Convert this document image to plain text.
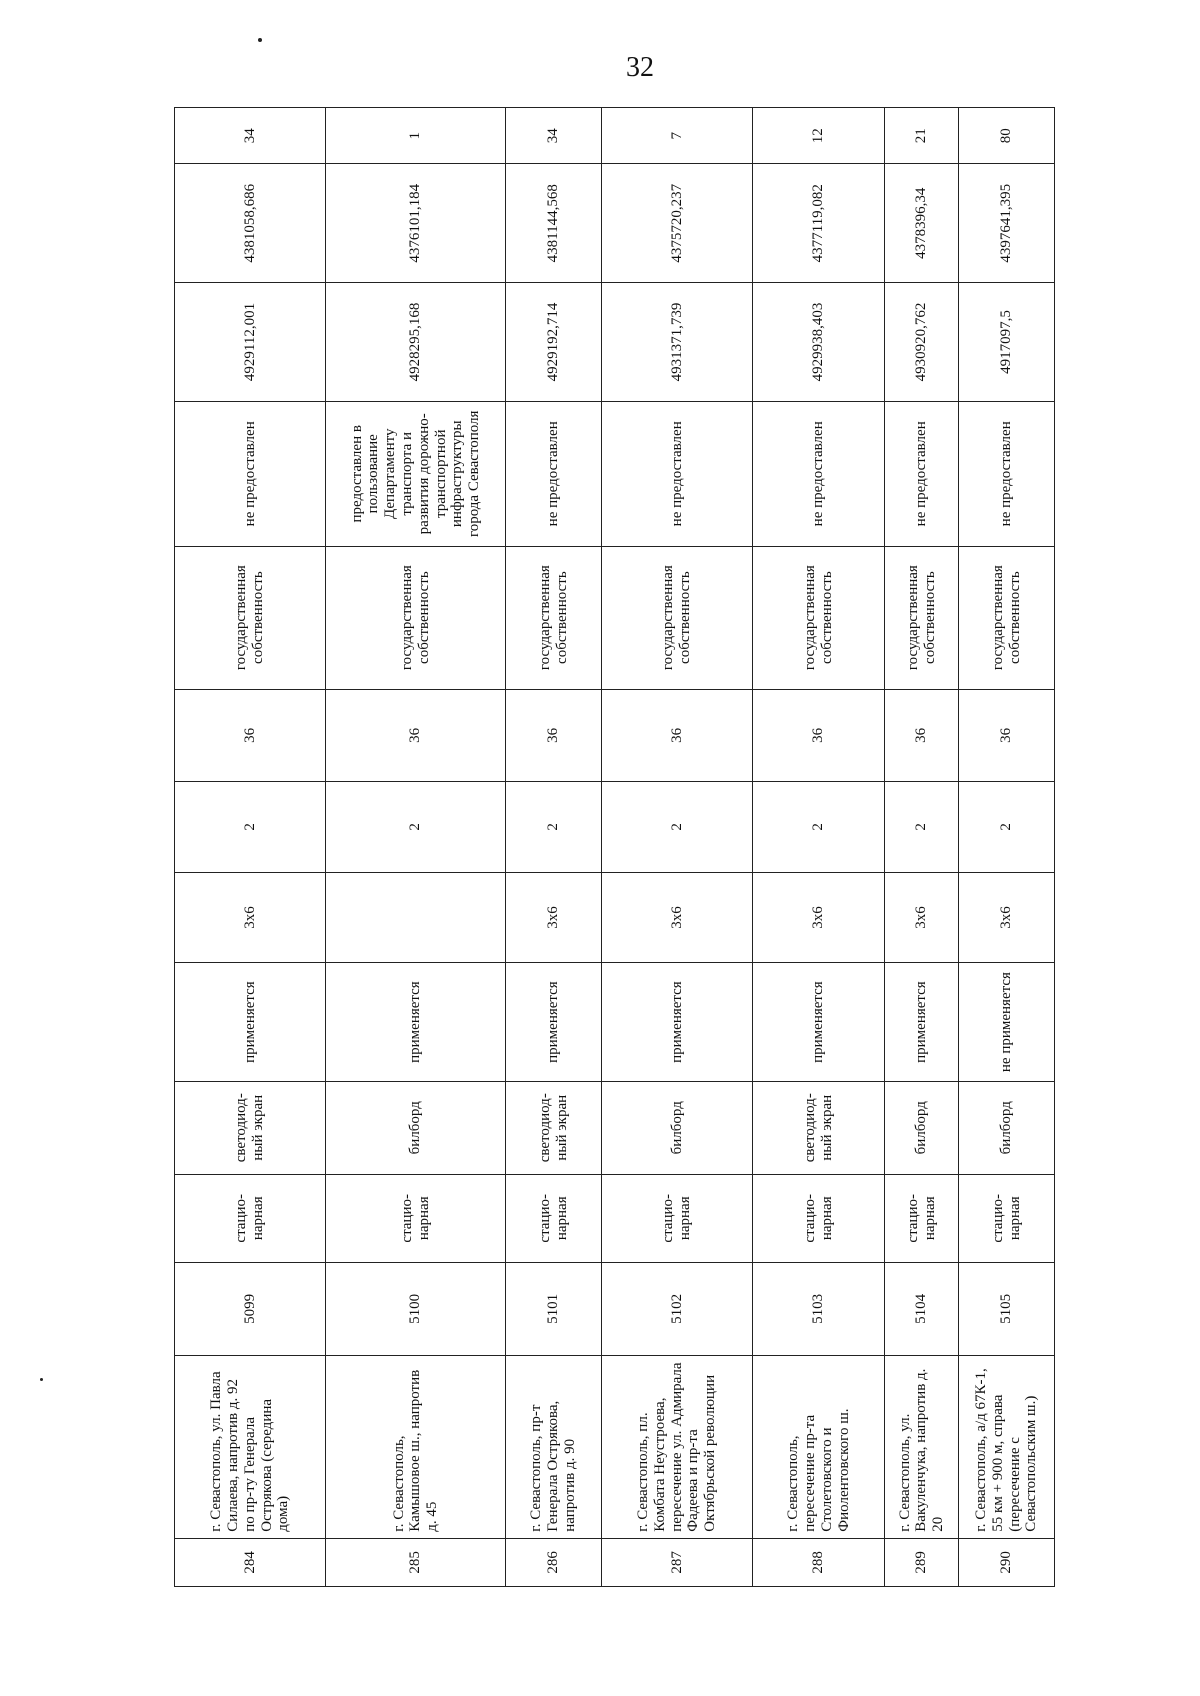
32
284	г. Севастополь, ул. Павла Силаева, напротив д. 92 по пр-ту Генерала Острякова (середина дома)	5099	стацио-нарная	светодиод-ный экран	применяется	3x6	2	36	государственная собственность	не предоставлен	4929112,001	4381058,686	34
285	г. Севастополь, Камышовое ш., напротив д. 45	5100	стацио-нарная	билборд	применяется		2	36	государственная собственность	предоставлен в пользование Департаменту транспорта и развития дорожно-транспортной инфраструктуры города Севастополя	4928295,168	4376101,184	1
286	г. Севастополь, пр-т Генерала Острякова, напротив д. 90	5101	стацио-нарная	светодиод-ный экран	применяется	3x6	2	36	государственная собственность	не предоставлен	4929192,714	4381144,568	34
287	г. Севастополь, пл. Комбата Неустроева, пересечение ул. Адмирала Фадеева и пр-та Октябрьской революции	5102	стацио-нарная	билборд	применяется	3x6	2	36	государственная собственность	не предоставлен	4931371,739	4375720,237	7
288	г. Севастополь, пересечение пр-та Столетовского и Фиолентовского ш.	5103	стацио-нарная	светодиод-ный экран	применяется	3x6	2	36	государственная собственность	не предоставлен	4929938,403	4377119,082	12
289	г. Севастополь, ул. Вакуленчука, напротив д. 20	5104	стацио-нарная	билборд	применяется	3x6	2	36	государственная собственность	не предоставлен	4930920,762	4378396,34	21
290	г. Севастополь, а/д 67К-1, 55 км + 900 м, справа (пересечение с Севастопольским ш.)	5105	стацио-нарная	билборд	не применяется	3x6	2	36	государственная собственность	не предоставлен	4917097,5	4397641,395	80
